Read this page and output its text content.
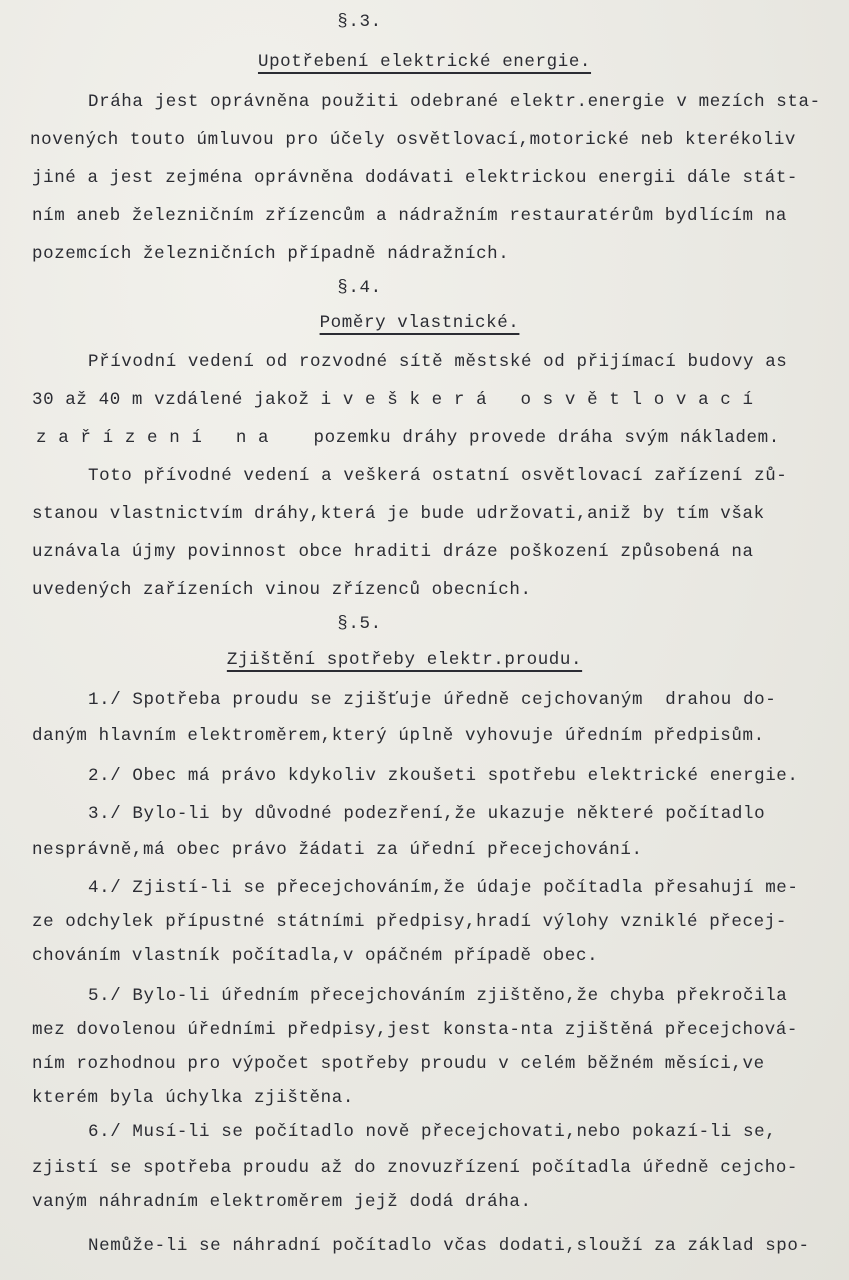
§.3.
Upotřebení elektrické energie.
Dráha jest oprávněna použiti odebrané elektr.energie v mezích sta-
novených touto úmluvou pro účely osvětlovací,motorické neb kterékoliv
jiné a jest zejména oprávněna dodávati elektrickou energii dále stát-
ním aneb železničním zřízencům a nádražním restauratérům bydlícím na
pozemcích železničních případně nádražních.
§.4.
Poměry vlastnické.
Přívodní vedení od rozvodné sítě městské od přijímací budovy as
30 až 40 m vzdálené jakož i v e š k e r á   o s v ě t l o v a c í
z a ř í z e n í   n a    pozemku dráhy provede dráha svým nákladem.
Toto přívodné vedení a veškerá ostatní osvětlovací zařízení zů-
stanou vlastnictvím dráhy,která je bude udržovati,aniž by tím však
uznávala újmy povinnost obce hraditi dráze poškození způsobená na
uvedených zařízeních vinou zřízenců obecních.
§.5.
Zjištění spotřeby elektr.proudu.
1./ Spotřeba proudu se zjišťuje úředně cejchovaným  drahou do-
daným hlavním elektroměrem,který úplně vyhovuje úředním předpisům.
2./ Obec má právo kdykoliv zkoušeti spotřebu elektrické energie.
3./ Bylo-li by důvodné podezření,že ukazuje některé počítadlo
nesprávně,má obec právo žádati za úřední přecejchování.
4./ Zjistí-li se přecejchováním,že údaje počítadla přesahují me-
ze odchylek přípustné státními předpisy,hradí výlohy vzniklé přecej-
chováním vlastník počítadla,v opáčném případě obec.
5./ Bylo-li úředním přecejchováním zjištěno,že chyba překročila
mez dovolenou úředními předpisy,jest konsta-nta zjištěná přecejchová-
ním rozhodnou pro výpočet spotřeby proudu v celém běžném měsíci,ve
kterém byla úchylka zjištěna.
6./ Musí-li se počítadlo nově přecejchovati,nebo pokazí-li se,
zjistí se spotřeba proudu až do znovuzřízení počítadla úředně cejcho-
vaným náhradním elektroměrem jejž dodá dráha.
Nemůže-li se náhradní počítadlo včas dodati,slouží za základ spo-
